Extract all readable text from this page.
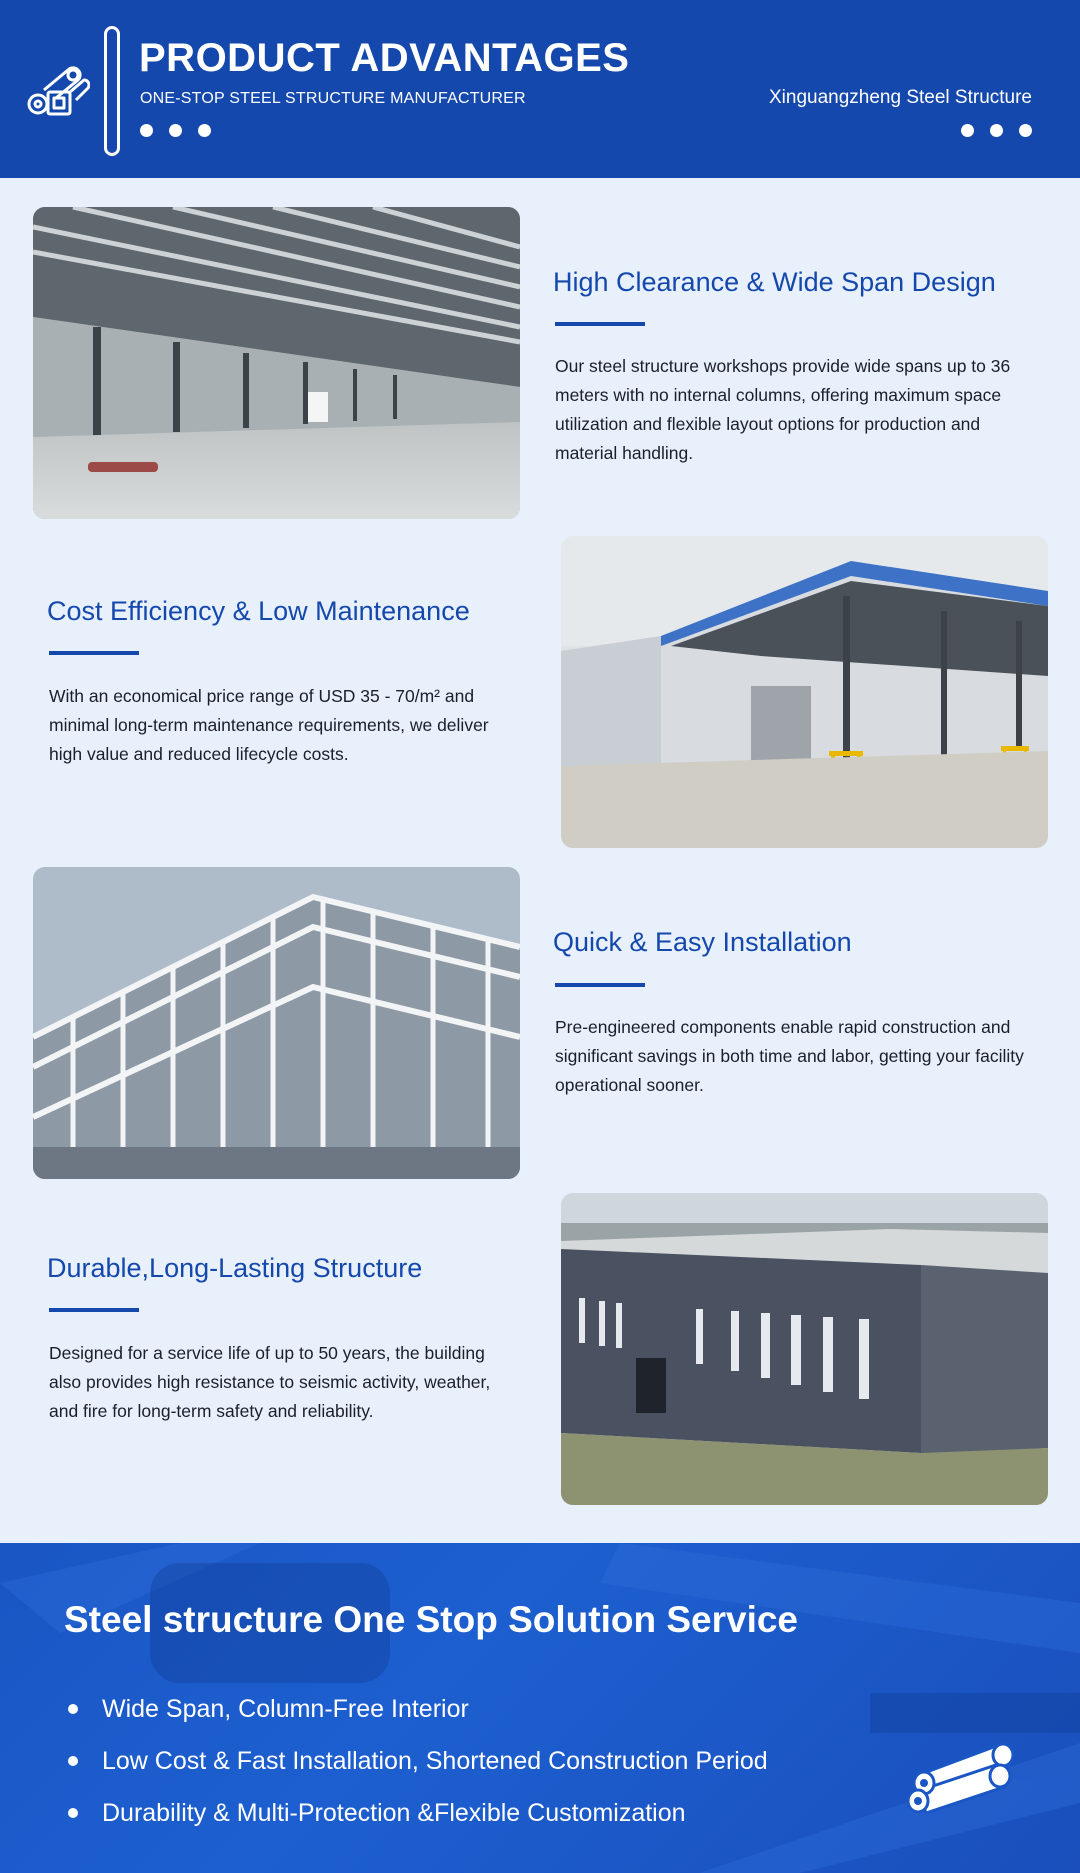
PRODUCT ADVANTAGES
ONE-STOP STEEL STRUCTURE MANUFACTURER	Xinguangzheng Steel Structure
High Clearance & Wide Span Design
Our steel structure workshops provide wide spans up to 36 meters with no internal columns, offering maximum space utilization and flexible layout options for production and material handling.
Cost Efficiency & Low Maintenance
With an economical price range of USD 35 - 70/m² and minimal long-term maintenance requirements, we deliver high value and reduced lifecycle costs.
Quick & Easy Installation
Pre-engineered components enable rapid construction and significant savings in both time and labor, getting your facility operational sooner.
Durable,Long-Lasting Structure
Designed for a service life of up to 50 years, the building also provides high resistance to seismic activity, weather, and fire for long-term safety and reliability.
Steel structure One Stop Solution Service
Wide Span, Column-Free Interior
Low Cost & Fast Installation, Shortened Construction Period
Durability & Multi-Protection &Flexible Customization
